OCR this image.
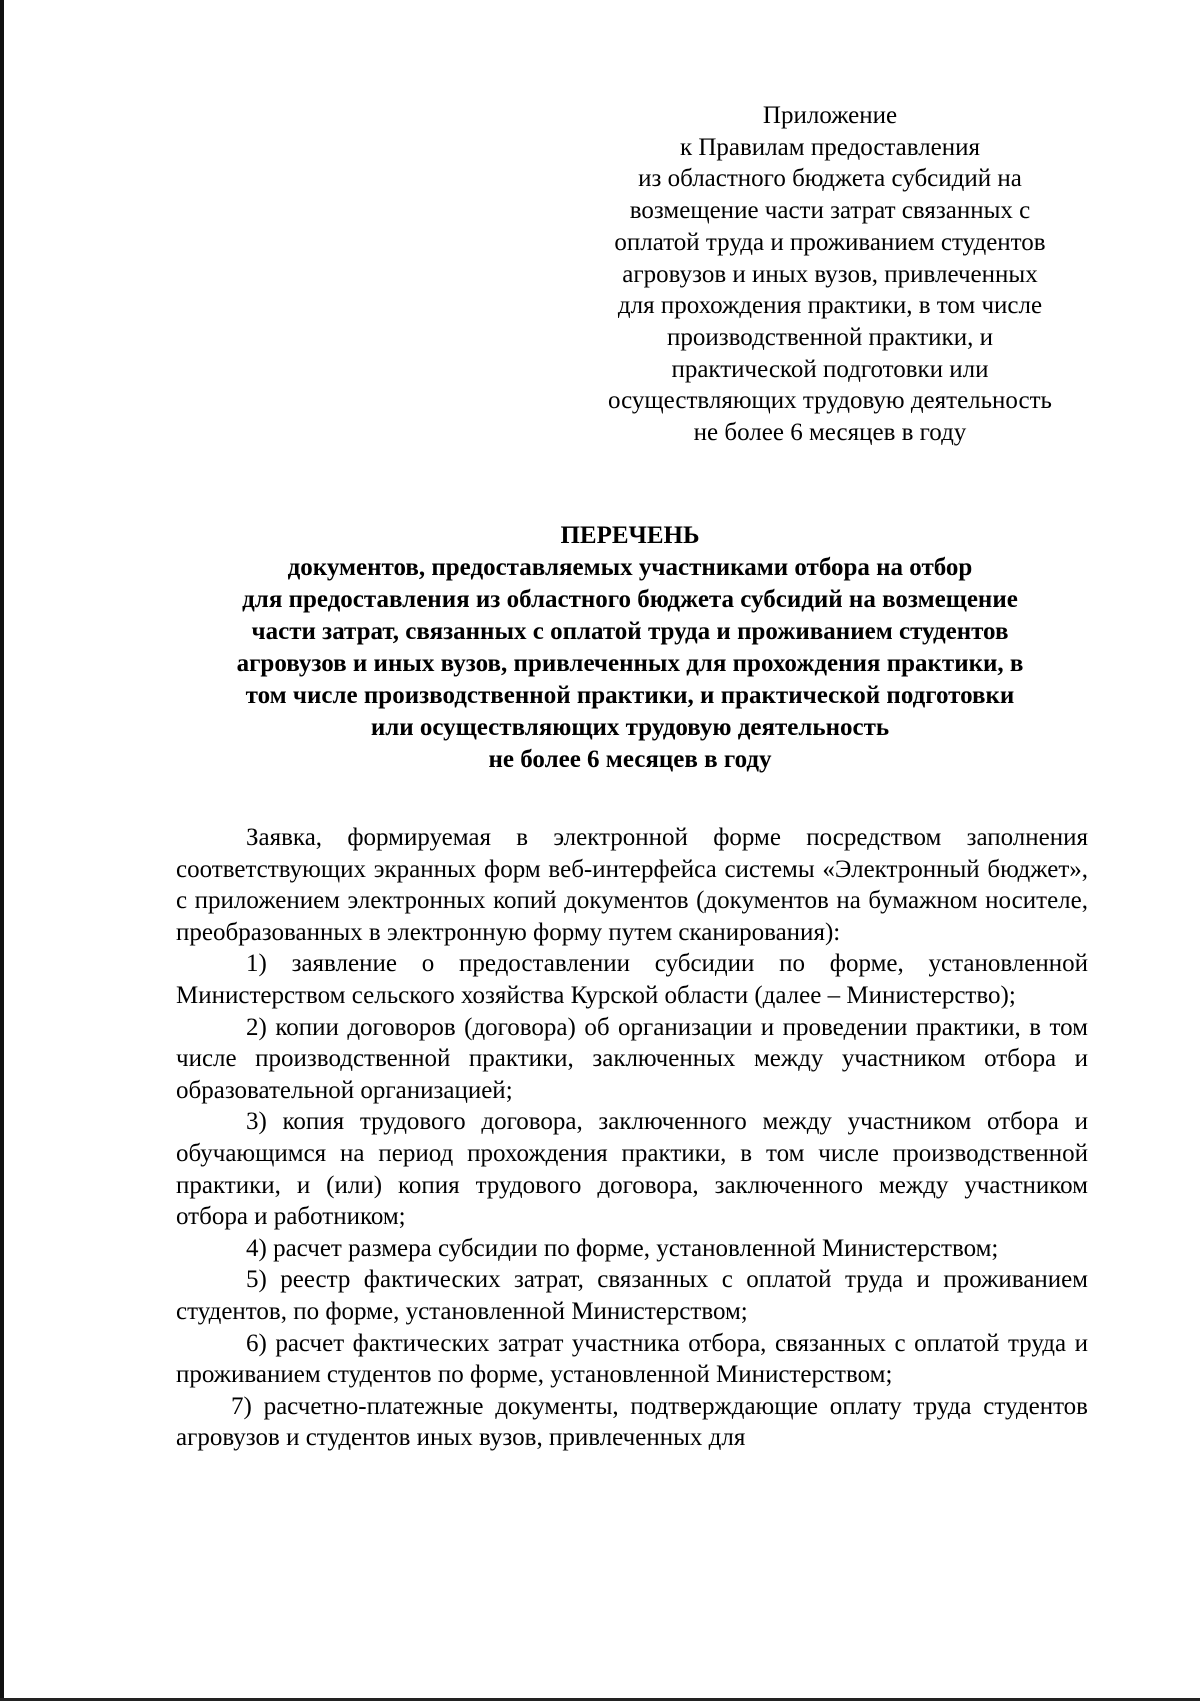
Приложение
к Правилам предоставления
из областного бюджета субсидий на
возмещение части затрат связанных с
оплатой труда и проживанием студентов
агровузов и иных вузов, привлеченных
для прохождения практики, в том числе
производственной практики, и
практической подготовки или
осуществляющих трудовую деятельность
не более 6 месяцев в году
ПЕРЕЧЕНЬ
документов, предоставляемых участниками отбора на отбор
для предоставления из областного бюджета субсидий на возмещение
части затрат, связанных с оплатой труда и проживанием студентов
агровузов и иных вузов, привлеченных для прохождения практики, в
том числе производственной практики, и практической подготовки
или осуществляющих трудовую деятельность
не более 6 месяцев в году

Заявка, формируемая в электронной форме посредством заполнения соответствующих экранных форм веб-интерфейса системы «Электронный бюджет», с приложением электронных копий документов (документов на бумажном носителе, преобразованных в электронную форму путем сканирования):

1) заявление о предоставлении субсидии по форме, установленной Министерством сельского хозяйства Курской области (далее – Министерство);

2) копии договоров (договора) об организации и проведении практики, в том числе производственной практики, заключенных между участником отбора и образовательной организацией;

3) копия трудового договора, заключенного между участником отбора и обучающимся на период прохождения практики, в том числе производственной практики, и (или) копия трудового договора, заключенного между участником отбора и работником;

4) расчет размера субсидии по форме, установленной Министерством;

5) реестр фактических затрат, связанных с оплатой труда и проживанием студентов, по форме, установленной Министерством;

6) расчет фактических затрат участника отбора, связанных с оплатой труда и проживанием студентов по форме, установленной Министерством;

7) расчетно-платежные документы, подтверждающие оплату труда студентов агровузов и студентов иных вузов, привлеченных для
